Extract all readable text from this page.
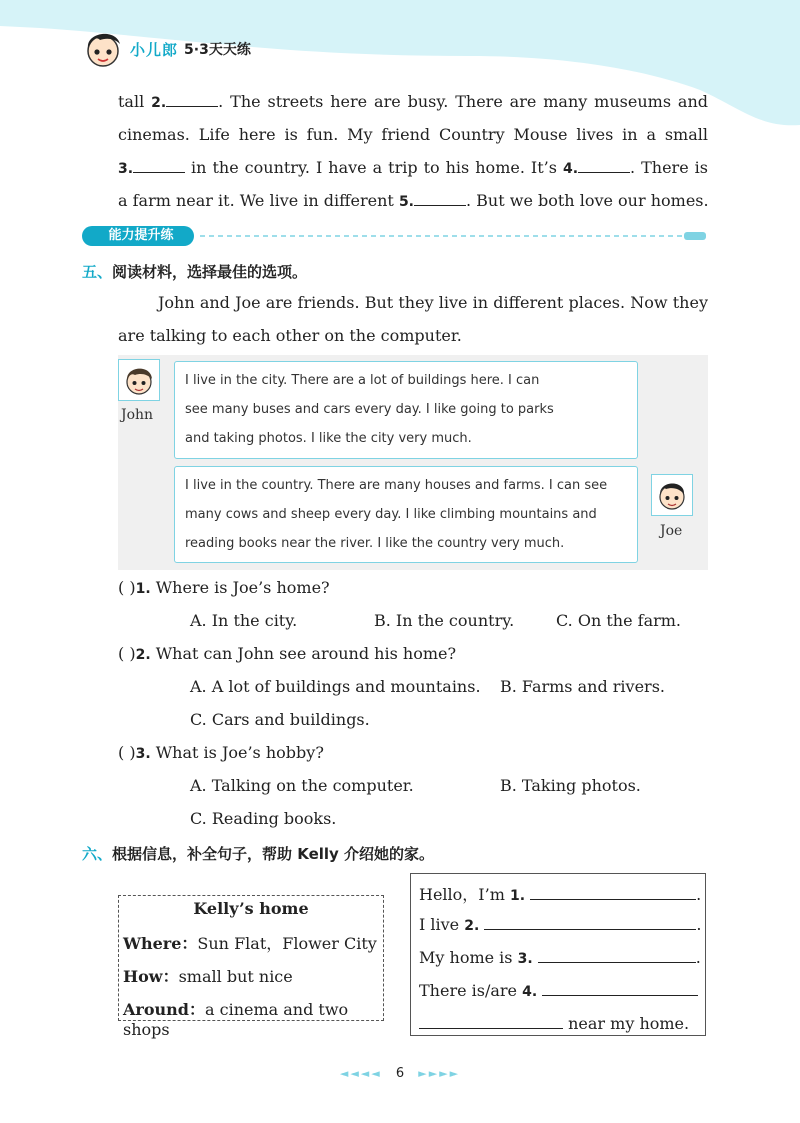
小儿郎 5·3天天练
tall 2.	. The streets here are busy. There are many museums and
cinemas. Life here is fun. My friend Country Mouse lives in a small
3.	in the country. I have a trip to his home. It’s 4.	. There is
a farm near it. We live in different 5.	. But we both love our homes.
能力提升练
五、阅读材料，选择最佳的选项。
John and Joe are friends. But they live in different places. Now they
are talking to each other on the computer.
John
I live in the city. There are a lot of buildings here. I can
see many buses and cars every day. I like going to parks
and taking photos. I like the city very much.
I live in the country. There are many houses and farms. I can see
many cows and sheep every day. I like climbing mountains and
reading books near the river. I like the country very much.
Joe
( )1. Where is Joe’s home?
A. In the city.	B. In the country.	C. On the farm.
( )2. What can John see around his home?
A. A lot of buildings and mountains. B. Farms and rivers.
C. Cars and buildings.
( )3. What is Joe’s hobby?
A. Talking on the computer.	B. Taking photos.
C. Reading books.
六、根据信息，补全句子，帮助 Kelly 介绍她的家。
Kelly’s home
Where：Sun Flat，Flower City
How：small but nice
Around：a cinema and two shops
Hello，I’m 1.	.
I live 2.	.
My home is 3.	.
There is/are 4.
near my home.
◄◄◄◄ 6 ►►►►
